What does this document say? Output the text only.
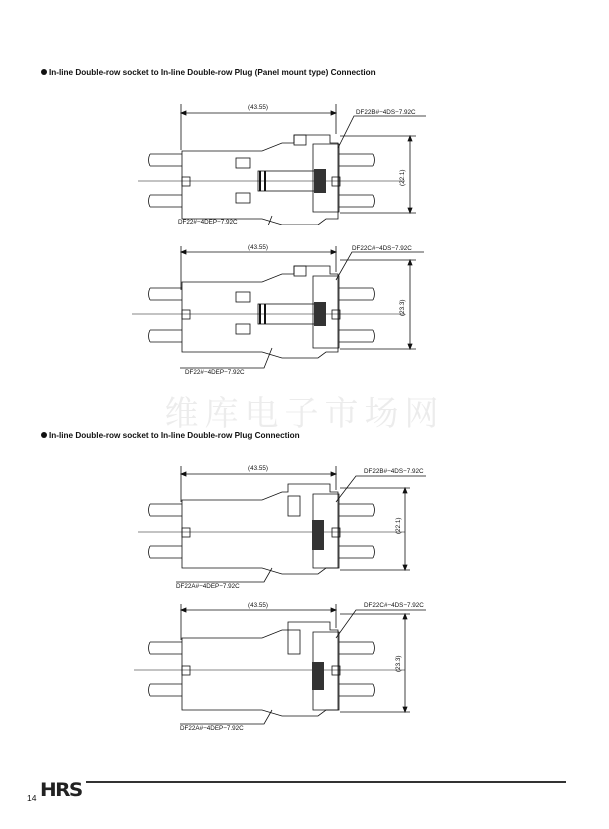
In-line Double-row socket to In-line Double-row Plug (Panel mount type) Connection
(43.55)
DF22B#−4DS−7.92C
(22.1)
DF22#−4DEP−7.92C
(43.55)	DF22C#−4DS−7.92C
(23.3)
DF22#−4DEP−7.92C
维库电子市场网
In-line Double-row socket to In-line Double-row Plug Connection
(43.55)	DF22B#−4DS−7.92C
(22.1)
DF22A#−4DEP−7.92C
(43.55)	DF22C#−4DS−7.92C
(23.3)
DF22A#−4DEP−7.92C
14 HRS
